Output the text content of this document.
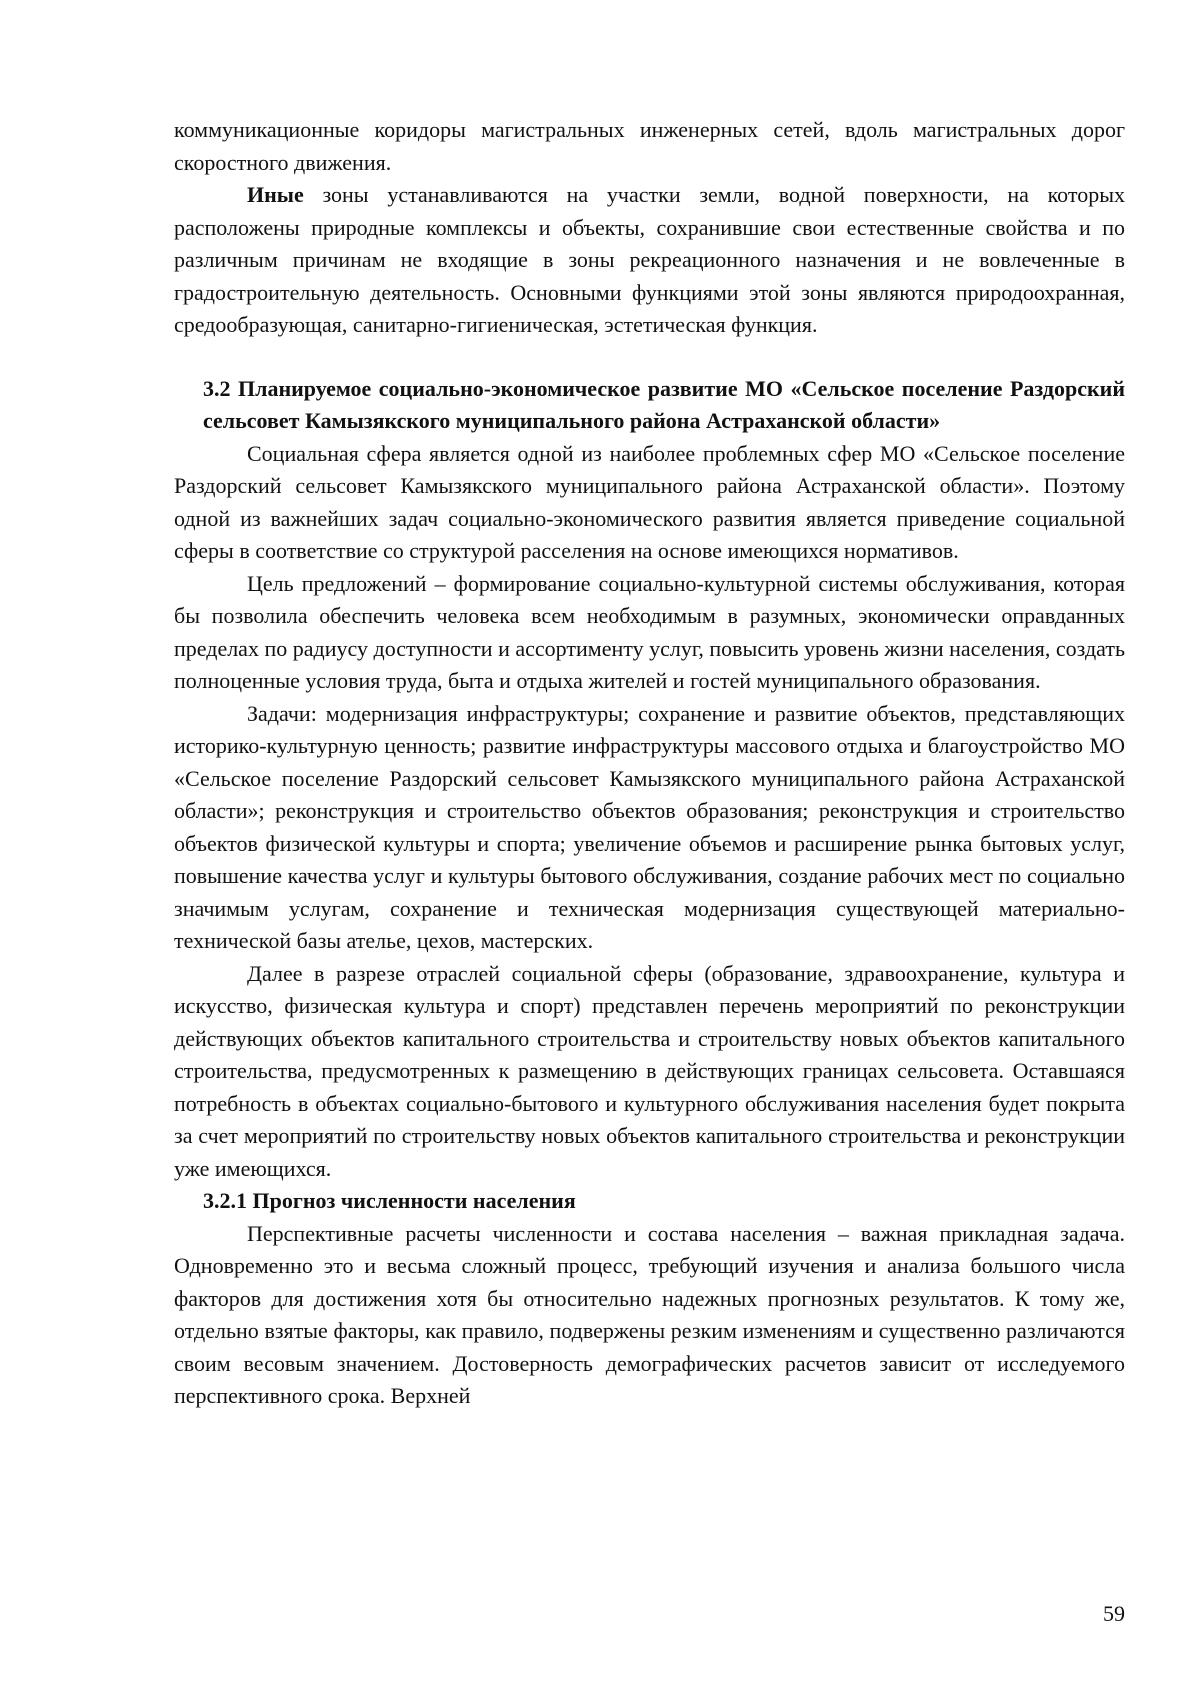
коммуникационные коридоры магистральных инженерных сетей, вдоль магистральных дорог скоростного движения.

Иные зоны устанавливаются на участки земли, водной поверхности, на которых расположены природные комплексы и объекты, сохранившие свои естественные свойства и по различным причинам не входящие в зоны рекреационного назначения и не вовлеченные в градостроительную деятельность. Основными функциями этой зоны являются природоохранная, средообразующая, санитарно-гигиеническая, эстетическая функция.

3.2 Планируемое социально-экономическое развитие МО «Сельское поселение Раздорский сельсовет Камызякского муниципального района Астраханской области»

Социальная сфера является одной из наиболее проблемных сфер МО «Сельское поселение Раздорский сельсовет Камызякского муниципального района Астраханской области». Поэтому одной из важнейших задач социально-экономического развития является приведение социальной сферы в соответствие со структурой расселения на основе имеющихся нормативов.

Цель предложений – формирование социально-культурной системы обслуживания, которая бы позволила обеспечить человека всем необходимым в разумных, экономически оправданных пределах по радиусу доступности и ассортименту услуг, повысить уровень жизни населения, создать полноценные условия труда, быта и отдыха жителей и гостей муниципального образования.

Задачи: модернизация инфраструктуры; сохранение и развитие объектов, представляющих историко-культурную ценность; развитие инфраструктуры массового отдыха и благоустройство МО «Сельское поселение Раздорский сельсовет Камызякского муниципального района Астраханской области»; реконструкция и строительство объектов образования; реконструкция и строительство объектов физической культуры и спорта; увеличение объемов и расширение рынка бытовых услуг, повышение качества услуг и культуры бытового обслуживания, создание рабочих мест по социально значимым услугам, сохранение и техническая модернизация существующей материально-технической базы ателье, цехов, мастерских.

Далее в разрезе отраслей социальной сферы (образование, здравоохранение, культура и искусство, физическая культура и спорт) представлен перечень мероприятий по реконструкции действующих объектов капитального строительства и строительству новых объектов капитального строительства, предусмотренных к размещению в действующих границах сельсовета. Оставшаяся потребность в объектах социально-бытового и культурного обслуживания населения будет покрыта за счет мероприятий по строительству новых объектов капитального строительства и реконструкции уже имеющихся.

3.2.1 Прогноз численности населения

Перспективные расчеты численности и состава населения – важная прикладная задача. Одновременно это и весьма сложный процесс, требующий изучения и анализа большого числа факторов для достижения хотя бы относительно надежных прогнозных результатов. К тому же, отдельно взятые факторы, как правило, подвержены резким изменениям и существенно различаются своим весовым значением. Достоверность демографических расчетов зависит от исследуемого перспективного срока. Верхней

59
